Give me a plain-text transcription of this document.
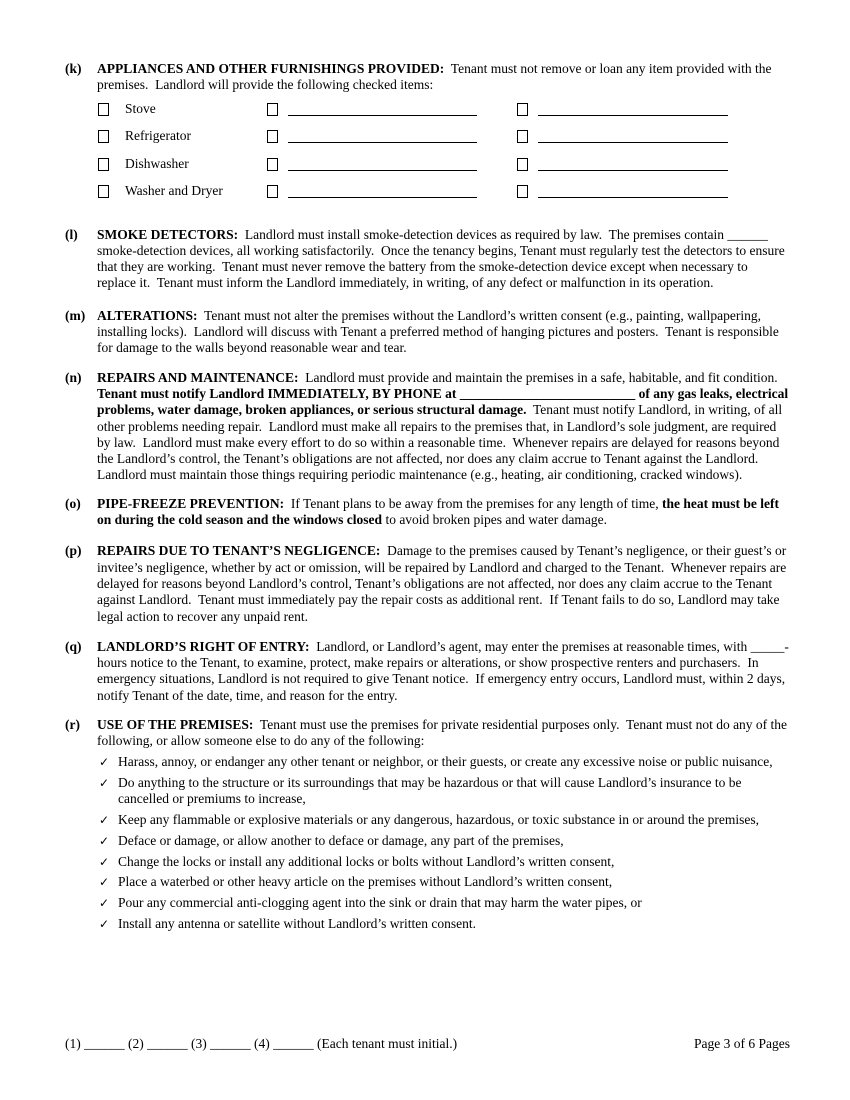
(k) APPLIANCES AND OTHER FURNISHINGS PROVIDED:  Tenant must not remove or loan any item provided with the premises.  Landlord will provide the following checked items:

Stove
Refrigerator
Dishwasher
Washer and Dryer
(l) SMOKE DETECTORS:  Landlord must install smoke-detection devices as required by law.  The premises contain ______ smoke-detection devices, all working satisfactorily.  Once the tenancy begins, Tenant must regularly test the detectors to ensure that they are working.  Tenant must never remove the battery from the smoke-detection device except when necessary to replace it.  Tenant must inform the Landlord immediately, in writing, of any defect or malfunction in its operation.

(m) ALTERATIONS:  Tenant must not alter the premises without the Landlord’s written consent (e.g., painting, wallpapering, installing locks).  Landlord will discuss with Tenant a preferred method of hanging pictures and posters.  Tenant is responsible for damage to the walls beyond reasonable wear and tear.

(n) REPAIRS AND MAINTENANCE:  Landlord must provide and maintain the premises in a safe, habitable, and fit condition.  Tenant must notify Landlord IMMEDIATELY, BY PHONE at __________________________ of any gas leaks, electrical problems, water damage, broken appliances, or serious structural damage.  Tenant must notify Landlord, in writing, of all other problems needing repair.  Landlord must make all repairs to the premises that, in Landlord’s sole judgment, are required by law.  Landlord must make every effort to do so within a reasonable time.  Whenever repairs are delayed for reasons beyond the Landlord’s control, the Tenant’s obligations are not affected, nor does any claim accrue to Tenant against the Landlord.  Landlord must maintain those things requiring periodic maintenance (e.g., heating, air conditioning, cracked windows).

(o) PIPE-FREEZE PREVENTION:  If Tenant plans to be away from the premises for any length of time, the heat must be left on during the cold season and the windows closed to avoid broken pipes and water damage.

(p) REPAIRS DUE TO TENANT’S NEGLIGENCE:  Damage to the premises caused by Tenant’s negligence, or their guest’s or invitee’s negligence, whether by act or omission, will be repaired by Landlord and charged to the Tenant.  Whenever repairs are delayed for reasons beyond Landlord’s control, Tenant’s obligations are not affected, nor does any claim accrue to the Tenant against Landlord.  Tenant must immediately pay the repair costs as additional rent.  If Tenant fails to do so, Landlord may take legal action to recover any unpaid rent.

(q) LANDLORD’S RIGHT OF ENTRY:  Landlord, or Landlord’s agent, may enter the premises at reasonable times, with _____-hours notice to the Tenant, to examine, protect, make repairs or alterations, or show prospective renters and purchasers.  In emergency situations, Landlord is not required to give Tenant notice.  If emergency entry occurs, Landlord must, within 2 days, notify Tenant of the date, time, and reason for the entry.

(r) USE OF THE PREMISES:  Tenant must use the premises for private residential purposes only.  Tenant must not do any of the following, or allow someone else to do any of the following:

✓ Harass, annoy, or endanger any other tenant or neighbor, or their guests, or create any excessive noise or public nuisance,
✓ Do anything to the structure or its surroundings that may be hazardous or that will cause Landlord’s insurance to be cancelled or premiums to increase,
✓ Keep any flammable or explosive materials or any dangerous, hazardous, or toxic substance in or around the premises,
✓ Deface or damage, or allow another to deface or damage, any part of the premises,
✓ Change the locks or install any additional locks or bolts without Landlord’s written consent,
✓ Place a waterbed or other heavy article on the premises without Landlord’s written consent,
✓ Pour any commercial anti-clogging agent into the sink or drain that may harm the water pipes, or
✓ Install any antenna or satellite without Landlord’s written consent.
(1) ______ (2) ______ (3) ______ (4) ______ (Each tenant must initial.)	Page 3 of 6 Pages
